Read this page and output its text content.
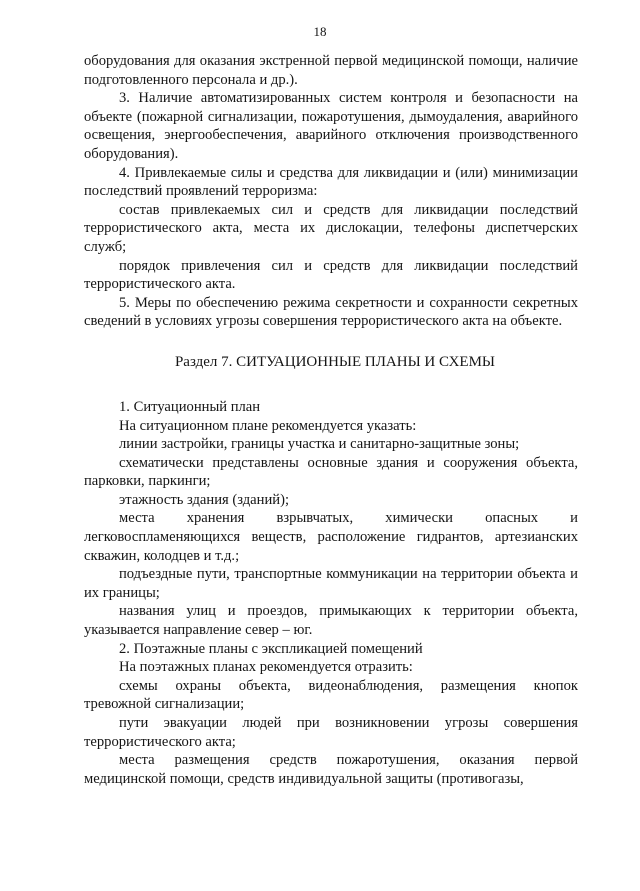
18

оборудования для оказания экстренной первой медицинской помощи, наличие подготовленного персонала и др.).

3. Наличие автоматизированных систем контроля и безопасности на объекте (пожарной сигнализации, пожаротушения, дымоудаления, аварийного освещения, энергообеспечения, аварийного отключения производственного оборудования).

4. Привлекаемые силы и средства для ликвидации и (или) минимизации последствий проявлений терроризма:

состав привлекаемых сил и средств для ликвидации последствий террористического акта, места их дислокации, телефоны диспетчерских служб;

порядок привлечения сил и средств для ликвидации последствий террористического акта.

5. Меры по обеспечению режима секретности и сохранности секретных сведений в условиях угрозы совершения террористического акта на объекте.

Раздел 7. СИТУАЦИОННЫЕ ПЛАНЫ И СХЕМЫ

1. Ситуационный план

На ситуационном плане рекомендуется указать:

линии застройки, границы участка и санитарно-защитные зоны;

схематически представлены основные здания и сооружения объекта, парковки, паркинги;

этажность здания (зданий);

места хранения взрывчатых, химически опасных и легковоспламеняющихся веществ, расположение гидрантов, артезианских скважин, колодцев и т.д.;

подъездные пути, транспортные коммуникации на территории объекта и их границы;

названия улиц и проездов, примыкающих к территории объекта, указывается направление север – юг.

2. Поэтажные планы с экспликацией помещений

На поэтажных планах рекомендуется отразить:

схемы охраны объекта, видеонаблюдения, размещения кнопок тревожной сигнализации;

пути эвакуации людей при возникновении угрозы совершения террористического акта;

места размещения средств пожаротушения, оказания первой медицинской помощи, средств индивидуальной защиты (противогазы,
